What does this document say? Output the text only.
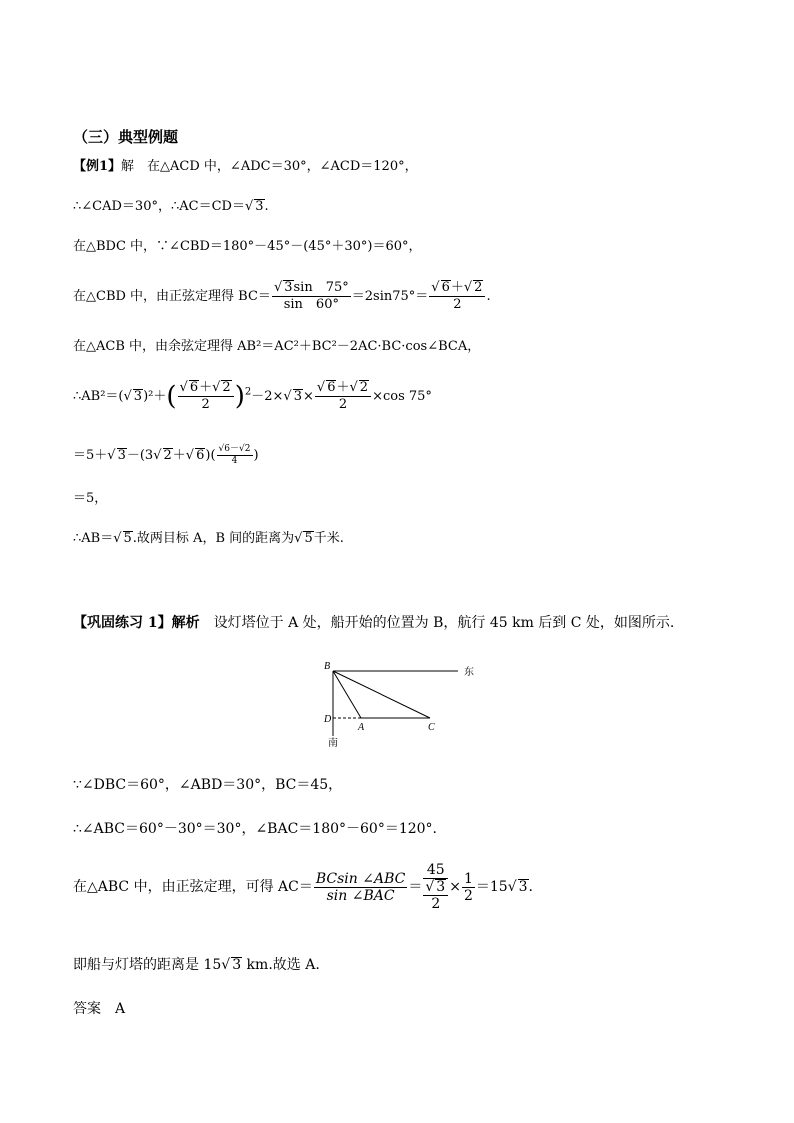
（三）典型例题
【例1】解　在△ACD 中，∠ADC＝30°，∠ACD＝120°，
∴∠CAD＝30°，∴AC＝CD＝√ 3.
在△BDC 中，∵∠CBD＝180°－45°－(45°＋30°)＝60°，
在△CBD 中，由正弦定理得 $BC= \frac{√ 3\sin 75^\circ}{\sin 60^\circ} =2\sin 75^\circ= \frac{√ 6+√ 2}{2}$ .
在△ACB 中，由余弦定理得 AB²＝AC²＋BC²－2AC·BC·cos∠BCA，
∴AB²＝(√ $3)^2+( \frac{√ 6+√ 2}{2} )^2-2\times√$ $3\times \frac{√ 6+√ 2}{2} \times\cos$ 75°
＝5＋√ 3－(3√ 2＋√ $6)( \frac{√6-√2}{4}$ )
＝5，
∴AB＝√ 5.故两目标 A，B 间的距离为√ 5千米.
【巩固练习 1】解析　设灯塔位于 A 处，船开始的位置为 B，航行 45 km 后到 C 处，如图所示.
B
D
A	C
东
南
∵∠DBC＝60°，∠ABD＝30°，BC＝45，
∴∠ABC＝60°－30°＝30°，∠BAC＝180°－60°＝120°.
在△ABC 中，由正弦定理，可得 $AC= \frac{\text{BCsin ∠ABC}}{\text{sin ∠BAC}}$ ＝
45
√ 3
2
× $\frac{1}{2} =15√$ 3.
即船与灯塔的距离是 15√ 3 km.故选 A.
答案　 A
